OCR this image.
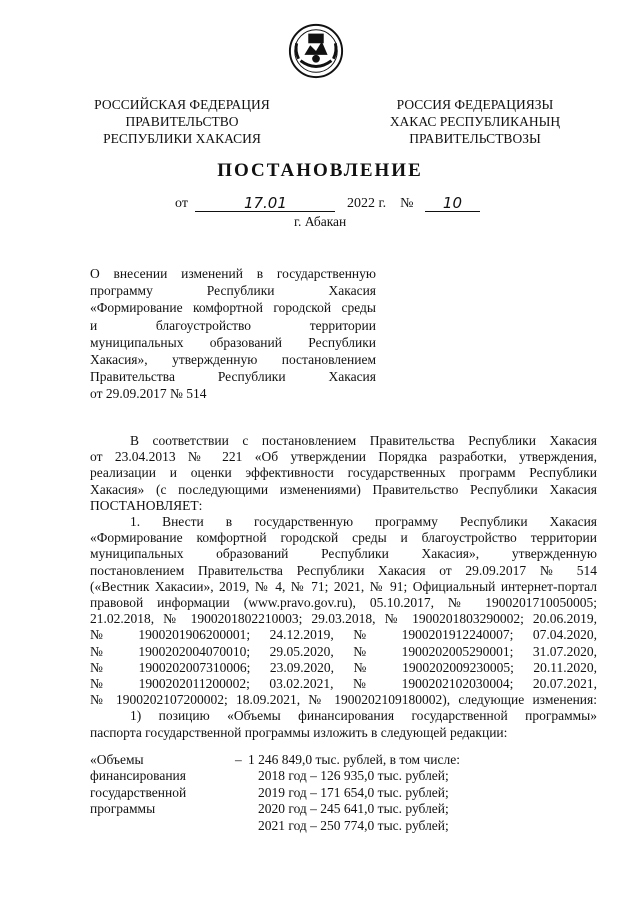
РОССИЙСКАЯ ФЕДЕРАЦИЯ
ПРАВИТЕЛЬСТВО
РЕСПУБЛИКИ ХАКАСИЯ
РОССИЯ ФЕДЕРАЦИЯЗЫ
ХАКАС РЕСПУБЛИКАНЫҢ
ПРАВИТЕЛЬСТВОЗЫ
ПОСТАНОВЛЕНИЕ
от	17.01	2022 г. № 10
г. Абакан
О внесении изменений в государственную
программу Республики Хакасия
«Формирование комфортной городской среды
и благоустройство территории
муниципальных образований Республики
Хакасия», утвержденную постановлением
Правительства Республики Хакасия
от 29.09.2017 № 514
В соответствии с постановлением Правительства Республики Хакасия
от 23.04.2013 № 221 «Об утверждении Порядка разработки, утверждения,
реализации и оценки эффективности государственных программ Республики
Хакасия» (с последующими изменениями) Правительство Республики Хакасия
ПОСТАНОВЛЯЕТ:
1. Внести в государственную программу Республики Хакасия
«Формирование комфортной городской среды и благоустройство территории
муниципальных образований Республики Хакасия», утвержденную
постановлением Правительства Республики Хакасия от 29.09.2017 № 514
(«Вестник Хакасии», 2019, № 4, № 71; 2021, № 91; Официальный интернет-портал
правовой информации (www.pravo.gov.ru), 05.10.2017, № 1900201710050005;
21.02.2018, № 1900201802210003; 29.03.2018, № 1900201803290002; 20.06.2019,
№ 1900201906200001; 24.12.2019, № 1900201912240007; 07.04.2020,
№ 1900202004070010; 29.05.2020, № 1900202005290001; 31.07.2020,
№ 1900202007310006; 23.09.2020, № 1900202009230005; 20.11.2020,
№ 1900202011200002; 03.02.2021, № 1900202102030004; 20.07.2021,
№ 1900202107200002; 18.09.2021, № 1900202109180002), следующие изменения:
1) позицию «Объемы финансирования государственной программы»
паспорта государственной программы изложить в следующей редакции:
«Объемы
финансирования
государственной
программы
– 1 246 849,0 тыс. рублей, в том числе:
2018 год – 126 935,0 тыс. рублей;
2019 год – 171 654,0 тыс. рублей;
2020 год – 245 641,0 тыс. рублей;
2021 год – 250 774,0 тыс. рублей;
